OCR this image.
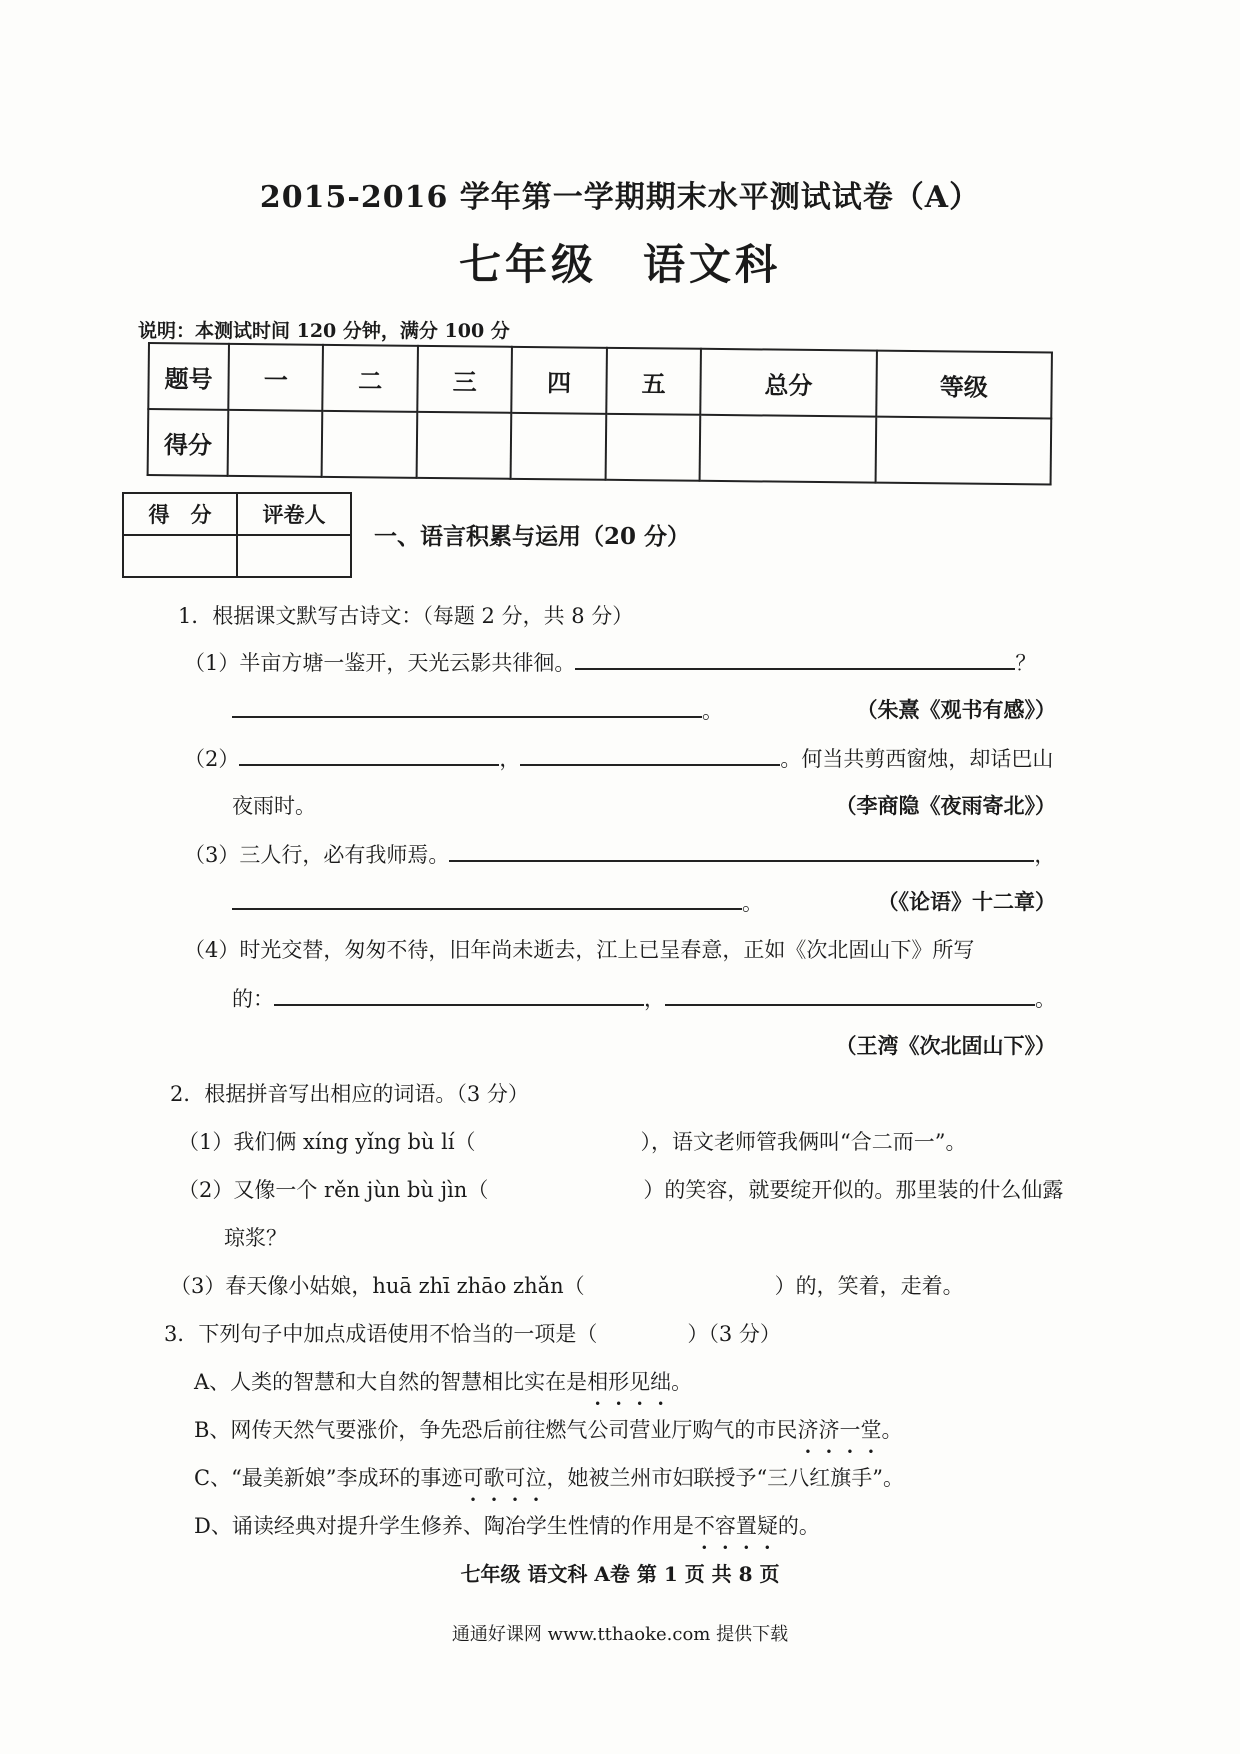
2015-2016 学年第一学期期末水平测试试卷（A）
七年级　语文科
说明：本测试时间 120 分钟，满分 100 分
题号	一	二	三	四	五	总分	等级
得分							
得　分	评卷人

一、语言积累与运用（20 分）
1．根据课文默写古诗文：（每题 2 分，共 8 分）
（1）半亩方塘一鉴开，天光云影共徘徊。	？
。	（朱熹《观书有感》）
（2）	，	。何当共剪西窗烛，却话巴山
夜雨时。	（李商隐《夜雨寄北》）
（3）三人行，必有我师焉。	，
。	（《论语》十二章）
（4）时光交替，匆匆不待，旧年尚未逝去，江上已呈春意，正如《次北固山下》所写
的：	，	。
（王湾《次北固山下》）
2．根据拼音写出相应的词语。（3 分）
（1）我们俩 xíng yǐng bù lí（	），语文老师管我俩叫“合二而一”。
（2）又像一个 rěn jùn bù jìn（	）的笑容，就要绽开似的。那里装的什么仙露
琼浆？
（3）春天像小姑娘，huā zhī zhāo zhǎn（	）的，笑着，走着。
3．下列句子中加点成语使用不恰当的一项是（	）（3 分）
A、人类的智慧和大自然的智慧相比实在是相形见绌。
B、网传天然气要涨价，争先恐后前往燃气公司营业厅购气的市民济济一堂。
C、“最美新娘”李成环的事迹可歌可泣，她被兰州市妇联授予“三八红旗手”。
D、诵读经典对提升学生修养、陶冶学生性情的作用是不容置疑的。
七年级 语文科 A卷 第 1 页 共 8 页
通通好课网 www.tthaoke.com 提供下载
